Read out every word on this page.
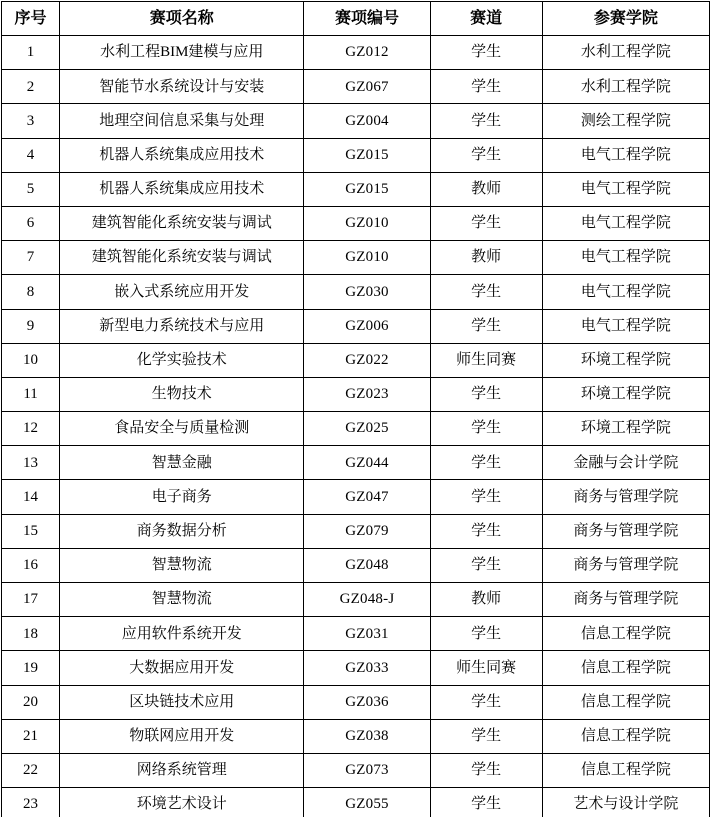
序号	赛项名称	赛项编号	赛道	参赛学院
1	水利工程BIM建模与应用	GZ012	学生	水利工程学院
2	智能节水系统设计与安装	GZ067	学生	水利工程学院
3	地理空间信息采集与处理	GZ004	学生	测绘工程学院
4	机器人系统集成应用技术	GZ015	学生	电气工程学院
5	机器人系统集成应用技术	GZ015	教师	电气工程学院
6	建筑智能化系统安装与调试	GZ010	学生	电气工程学院
7	建筑智能化系统安装与调试	GZ010	教师	电气工程学院
8	嵌入式系统应用开发	GZ030	学生	电气工程学院
9	新型电力系统技术与应用	GZ006	学生	电气工程学院
10	化学实验技术	GZ022	师生同赛	环境工程学院
11	生物技术	GZ023	学生	环境工程学院
12	食品安全与质量检测	GZ025	学生	环境工程学院
13	智慧金融	GZ044	学生	金融与会计学院
14	电子商务	GZ047	学生	商务与管理学院
15	商务数据分析	GZ079	学生	商务与管理学院
16	智慧物流	GZ048	学生	商务与管理学院
17	智慧物流	GZ048-J	教师	商务与管理学院
18	应用软件系统开发	GZ031	学生	信息工程学院
19	大数据应用开发	GZ033	师生同赛	信息工程学院
20	区块链技术应用	GZ036	学生	信息工程学院
21	物联网应用开发	GZ038	学生	信息工程学院
22	网络系统管理	GZ073	学生	信息工程学院
23	环境艺术设计	GZ055	学生	艺术与设计学院
